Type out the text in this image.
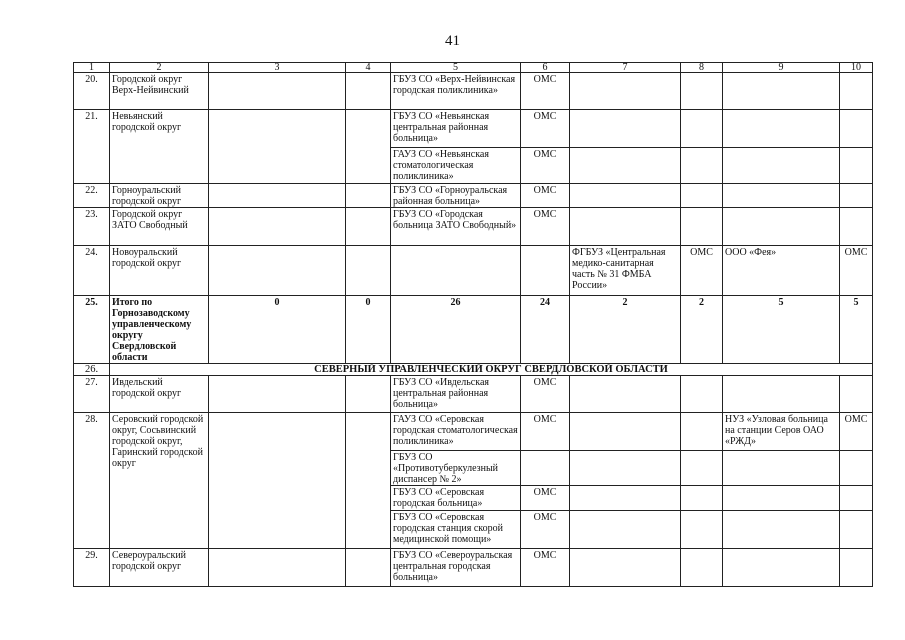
41
1	2	3	4	5	6	7	8	9	10
20.	Городской округ Верх-Нейвинский			ГБУЗ СО «Верх-Нейвинская городская поликлиника»	ОМС				
21.	Невьянский городской округ			ГБУЗ СО «Невьянская центральная районная больница»	ОМС				
				ГАУЗ СО «Невьянская стоматологическая поликлиника»	ОМС				
22.	Горноуральский городской округ			ГБУЗ СО «Горноуральская районная больница»	ОМС				
23.	Городской округ ЗАТО Свободный			ГБУЗ СО «Городская больница ЗАТО Свободный»	ОМС				
24.	Новоуральский городской округ					ФГБУЗ «Центральная медико-санитарная часть № 31 ФМБА России»	ОМС	ООО «Фея»	ОМС
25.	Итого по Горнозаводскому управленческому округу Свердловской области	0	0	26	24	2	2	5	5
26.	СЕВЕРНЫЙ УПРАВЛЕНЧЕСКИЙ ОКРУГ СВЕРДЛОВСКОЙ ОБЛАСТИ								
27.	Ивдельский городской округ			ГБУЗ СО «Ивдельская центральная районная больница»	ОМС				
28.	Серовский городской округ, Сосьвинский городской округ, Гаринский городской округ			ГАУЗ СО «Серовская городская стоматологическая поликлиника»	ОМС			НУЗ «Узловая больница на станции Серов ОАО «РЖД»	ОМС
				ГБУЗ СО «Противотуберкулезный диспансер № 2»					
				ГБУЗ СО «Серовская городская больница»	ОМС				
				ГБУЗ СО «Серовская городская станция скорой медицинской помощи»	ОМС				
29.	Североуральский городской округ			ГБУЗ СО «Североуральская центральная городская больница»	ОМС				
